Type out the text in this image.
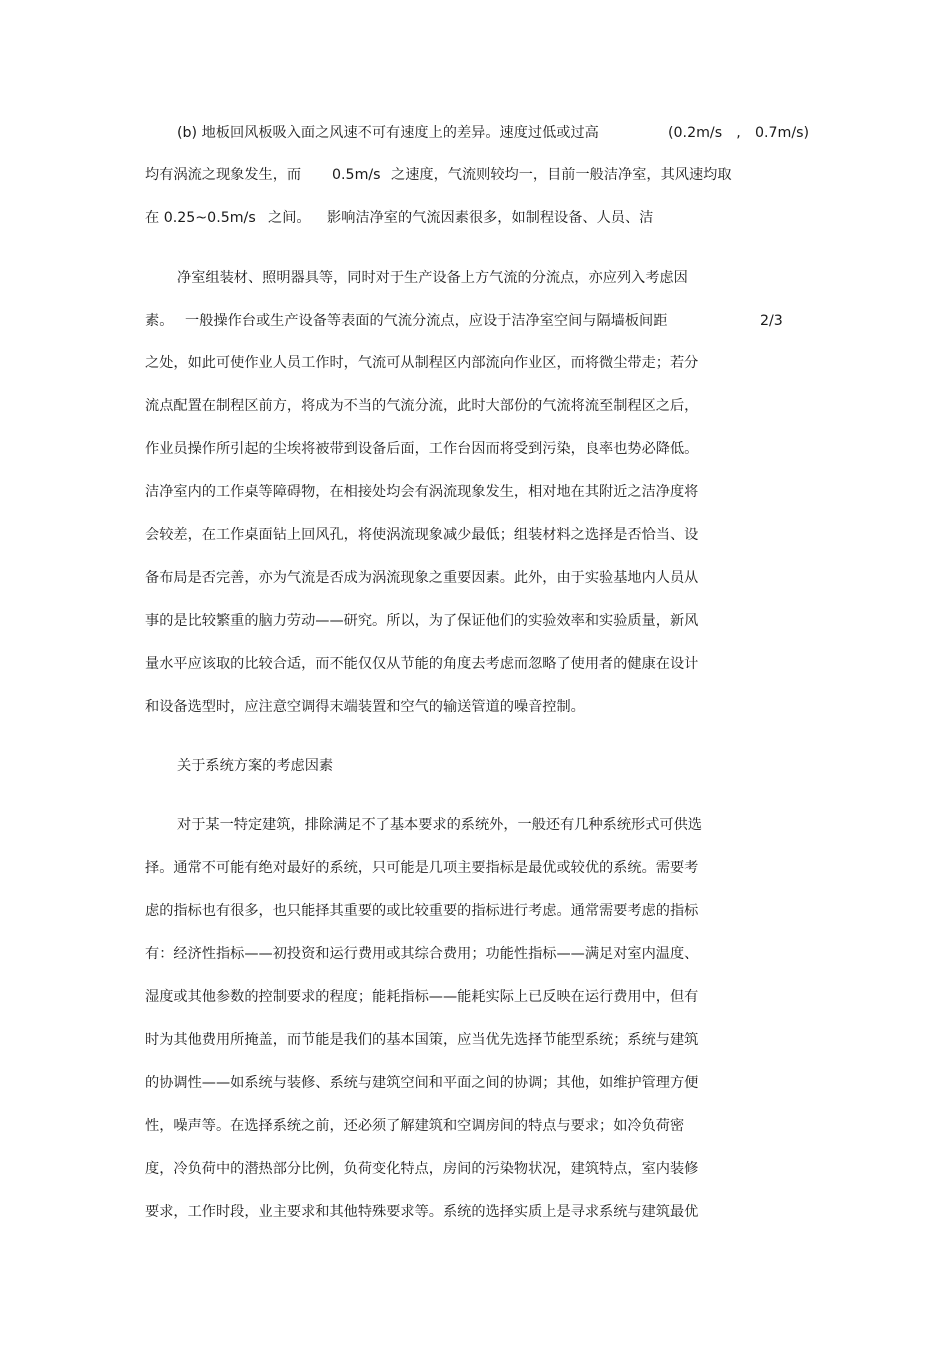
(b) 地板回风板吸入面之风速不可有速度上的差异。速度过低或过高	(0.2m/s　,　0.7m/s)
均有涡流之现象发生，而 0.5m/s 之速度，气流则较均一，目前一般洁净室，其风速均取
在 0.25~0.5m/s 之间。 影响洁净室的气流因素很多，如制程设备、人员、洁
净室组装材、照明器具等，同时对于生产设备上方气流的分流点，亦应列入考虑因
素。 一般操作台或生产设备等表面的气流分流点，应设于洁净室空间与隔墙板间距	2/3
之处，如此可使作业人员工作时，气流可从制程区内部流向作业区，而将微尘带走；若分
流点配置在制程区前方，将成为不当的气流分流，此时大部份的气流将流至制程区之后，
作业员操作所引起的尘埃将被带到设备后面，工作台因而将受到污染，良率也势必降低。
洁净室内的工作桌等障碍物，在相接处均会有涡流现象发生，相对地在其附近之洁净度将
会较差，在工作桌面钻上回风孔，将使涡流现象减少最低；组装材料之选择是否恰当、设
备布局是否完善，亦为气流是否成为涡流现象之重要因素。此外，由于实验基地内人员从
事的是比较繁重的脑力劳动——研究。所以，为了保证他们的实验效率和实验质量，新风
量水平应该取的比较合适，而不能仅仅从节能的角度去考虑而忽略了使用者的健康在设计
和设备选型时，应注意空调得末端装置和空气的输送管道的噪音控制。
关于系统方案的考虑因素
对于某一特定建筑，排除满足不了基本要求的系统外，一般还有几种系统形式可供选
择。通常不可能有绝对最好的系统，只可能是几项主要指标是最优或较优的系统。需要考
虑的指标也有很多，也只能择其重要的或比较重要的指标进行考虑。通常需要考虑的指标
有：经济性指标——初投资和运行费用或其综合费用；功能性指标——满足对室内温度、
湿度或其他参数的控制要求的程度；能耗指标——能耗实际上已反映在运行费用中，但有
时为其他费用所掩盖，而节能是我们的基本国策，应当优先选择节能型系统；系统与建筑
的协调性——如系统与装修、系统与建筑空间和平面之间的协调；其他，如维护管理方便
性，噪声等。在选择系统之前，还必须了解建筑和空调房间的特点与要求；如冷负荷密
度，冷负荷中的潜热部分比例，负荷变化特点，房间的污染物状况，建筑特点，室内装修
要求，工作时段，业主要求和其他特殊要求等。系统的选择实质上是寻求系统与建筑最优
